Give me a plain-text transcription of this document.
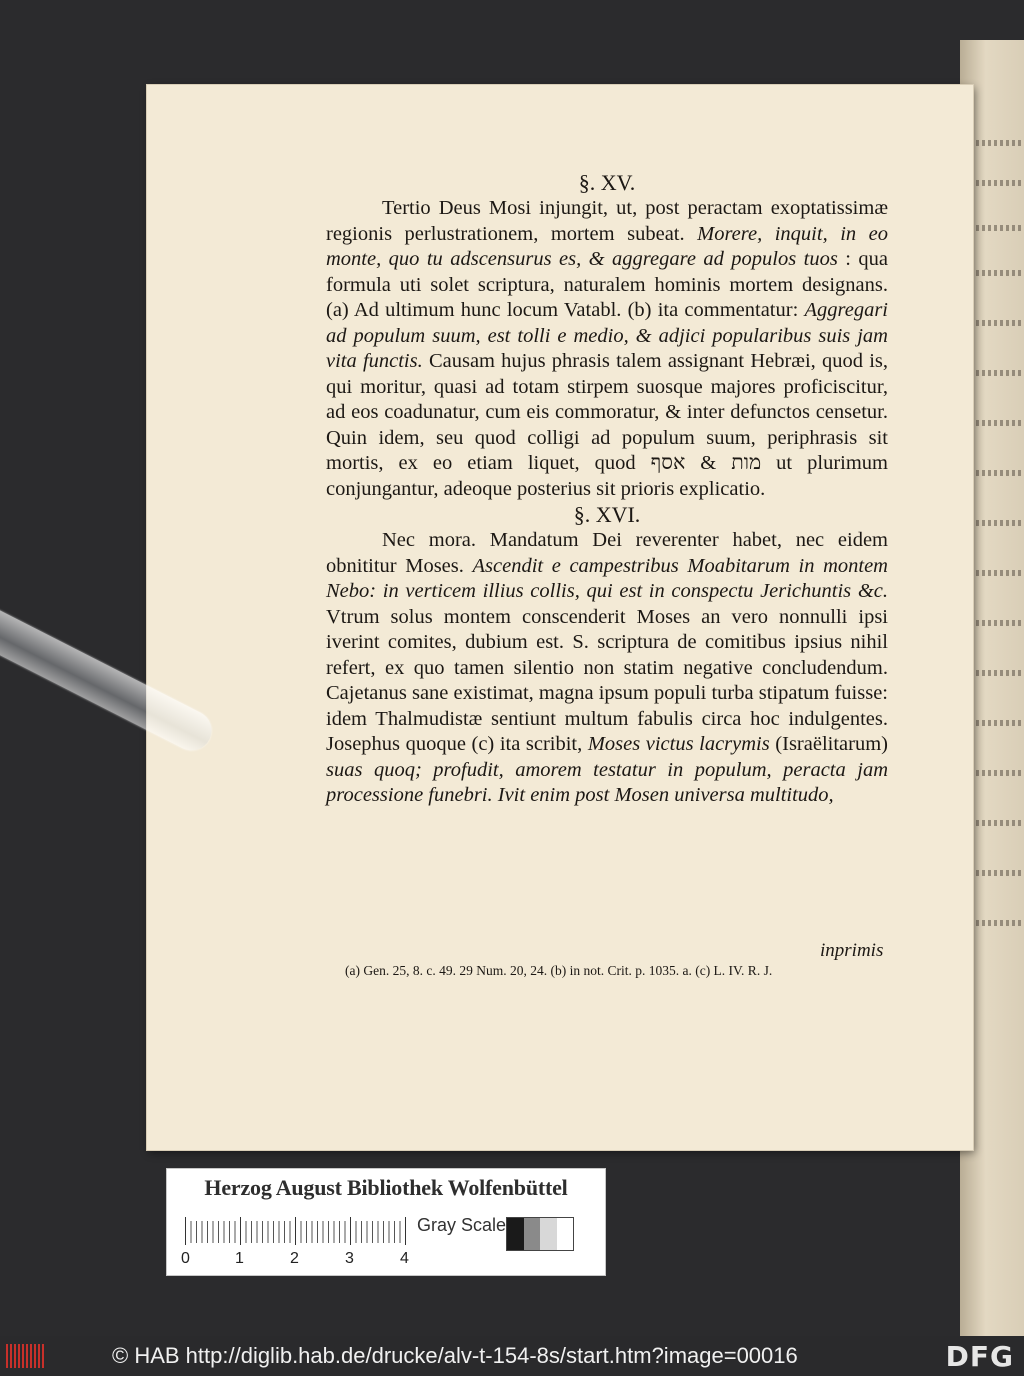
§. XV.

Tertio Deus Mosi injungit, ut, post peractam exoptatissimæ regionis perlustrationem, mortem subeat. Morere, inquit, in eo monte, quo tu adscensurus es, & aggregare ad populos tuos : qua formula uti solet scriptura, naturalem hominis mortem designans. (a) Ad ultimum hunc locum Vatabl. (b) ita commentatur: Aggregari ad populum suum, est tolli e medio, & adjici popularibus suis jam vita functis. Causam hujus phrasis talem assignant Hebræi, quod is, qui moritur, quasi ad totam stirpem suosque majores proficiscitur, ad eos coadunatur, cum eis commoratur, & inter defunctos censetur. Quin idem, seu quod colligi ad populum suum, periphrasis sit mortis, ex eo etiam liquet, quod מות & אסף ut plurimum conjungantur, adeoque posterius sit prioris explicatio.

§. XVI.

Nec mora. Mandatum Dei reverenter habet, nec eidem obnititur Moses. Ascendit e campestribus Moabitarum in montem Nebo: in verticem illius collis, qui est in conspectu Jerichuntis &c. Vtrum solus montem conscenderit Moses an vero nonnulli ipsi iverint comites, dubium est. S. scriptura de comitibus ipsius nihil refert, ex quo tamen silentio non statim negative concludendum. Cajetanus sane existimat, magna ipsum populi turba stipatum fuisse: idem Thalmudistæ sentiunt multum fabulis circa hoc indulgentes. Josephus quoque (c) ita scribit, Moses victus lacrymis (Israëlitarum) suas quoq; profudit, amorem testatur in populum, peracta jam processione funebri. Ivit enim post Mosen universa multitudo,

inprimis
(a) Gen. 25, 8. c. 49. 29 Num. 20, 24. (b) in not. Crit. p. 1035. a. (c) L. IV. R. J.
Herzog August Bibliothek Wolfenbüttel
0	1	2	3	4
Gray Scale
© HAB http://diglib.hab.de/drucke/alv-t-154-8s/start.htm?image=00016	DFG
